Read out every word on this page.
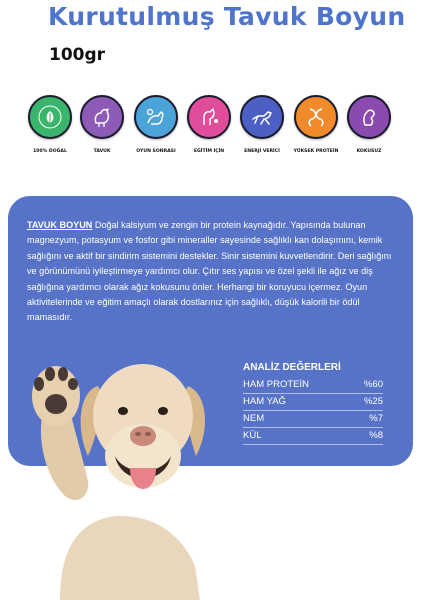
Kurutulmuş Tavuk Boyun
100gr
100% DOĞAL	TAVUK	OYUN SONRASI	EĞİTİM İÇİN	ENERJİ VERİCİ	YÜKSEK PROTEİN	KOKUSUZ

TAVUK BOYUN Doğal kalsiyum ve zengin bir protein kaynağıdır. Yapısında bulunan magnezyum, potasyum ve fosfor gibi mineraller sayesinde sağlıklı kan dolaşımını, kemik sağlığını ve aktif bir sindirim sistemini destekler. Sinir sistemini kuvvetlendirir. Deri sağlığını ve görünümünü iyileştirmeye yardımcı olur. Çıtır ses yapısı ve özel şekli ile ağız ve diş sağlığına yardımcı olarak ağız kokusunu önler. Herhangi bir koruyucu içermez. Oyun aktivitelerinde ve eğitim amaçlı olarak dostlarınız için sağlıklı, düşük kalorili bir ödül mamasıdır.

ANALİZ DEĞERLERİ
HAM PROTEİN	%60
HAM YAĞ	%25
NEM	%7
KÜL	%8
